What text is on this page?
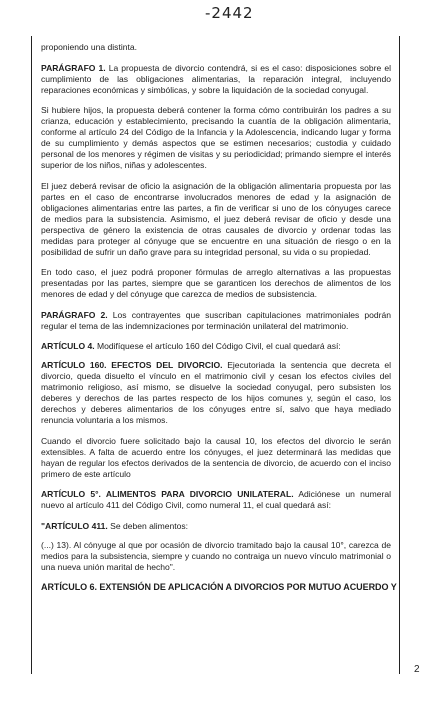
-2442

proponiendo una distinta.

PARÁGRAFO 1. La propuesta de divorcio contendrá, si es el caso: disposiciones sobre el cumplimiento de las obligaciones alimentarias, la reparación integral, incluyendo reparaciones económicas y simbólicas, y sobre la liquidación de la sociedad conyugal.

Si hubiere hijos, la propuesta deberá contener la forma cómo contribuirán los padres a su crianza, educación y establecimiento, precisando la cuantía de la obligación alimentaria, conforme al artículo 24 del Código de la Infancia y la Adolescencia, indicando lugar y forma de su cumplimiento y demás aspectos que se estimen necesarios; custodia y cuidado personal de los menores y régimen de visitas y su periodicidad; primando siempre el interés superior de los niños, niñas y adolescentes.

El juez deberá revisar de oficio la asignación de la obligación alimentaria propuesta por las partes en el caso de encontrarse involucrados menores de edad y la asignación de obligaciones alimentarias entre las partes, a fin de verificar si uno de los cónyuges carece de medios para la subsistencia. Asimismo, el juez deberá revisar de oficio y desde una perspectiva de género la existencia de otras causales de divorcio y ordenar todas las medidas para proteger al cónyuge que se encuentre en una situación de riesgo o en la posibilidad de sufrir un daño grave para su integridad personal, su vida o su propiedad.

En todo caso, el juez podrá proponer fórmulas de arreglo alternativas a las propuestas presentadas por las partes, siempre que se garanticen los derechos de alimentos de los menores de edad y del cónyuge que carezca de medios de subsistencia.

PARÁGRAFO 2. Los contrayentes que suscriban capitulaciones matrimoniales podrán regular el tema de las indemnizaciones por terminación unilateral del matrimonio.

ARTÍCULO 4. Modifíquese el artículo 160 del Código Civil, el cual quedará así:

ARTÍCULO 160. EFECTOS DEL DIVORCIO. Ejecutoriada la sentencia que decreta el divorcio, queda disuelto el vínculo en el matrimonio civil y cesan los efectos civiles del matrimonio religioso, así mismo, se disuelve la sociedad conyugal, pero subsisten los deberes y derechos de las partes respecto de los hijos comunes y, según el caso, los derechos y deberes alimentarios de los cónyuges entre sí, salvo que haya mediado renuncia voluntaria a los mismos.

Cuando el divorcio fuere solicitado bajo la causal 10, los efectos del divorcio le serán extensibles. A falta de acuerdo entre los cónyuges, el juez determinará las medidas que hayan de regular los efectos derivados de la sentencia de divorcio, de acuerdo con el inciso primero de este artículo

ARTÍCULO 5°. ALIMENTOS PARA DIVORCIO UNILATERAL. Adiciónese un numeral nuevo al artículo 411 del Código Civil, como numeral 11, el cual quedará así:

"ARTÍCULO 411. Se deben alimentos:

(...) 13). Al cónyuge al que por ocasión de divorcio tramitado bajo la causal 10°, carezca de medios para la subsistencia, siempre y cuando no contraiga un nuevo vínculo matrimonial o una nueva unión marital de hecho".

ARTÍCULO 6. EXTENSIÓN DE APLICACIÓN A DIVORCIOS POR MUTUO ACUERDO Y
2
